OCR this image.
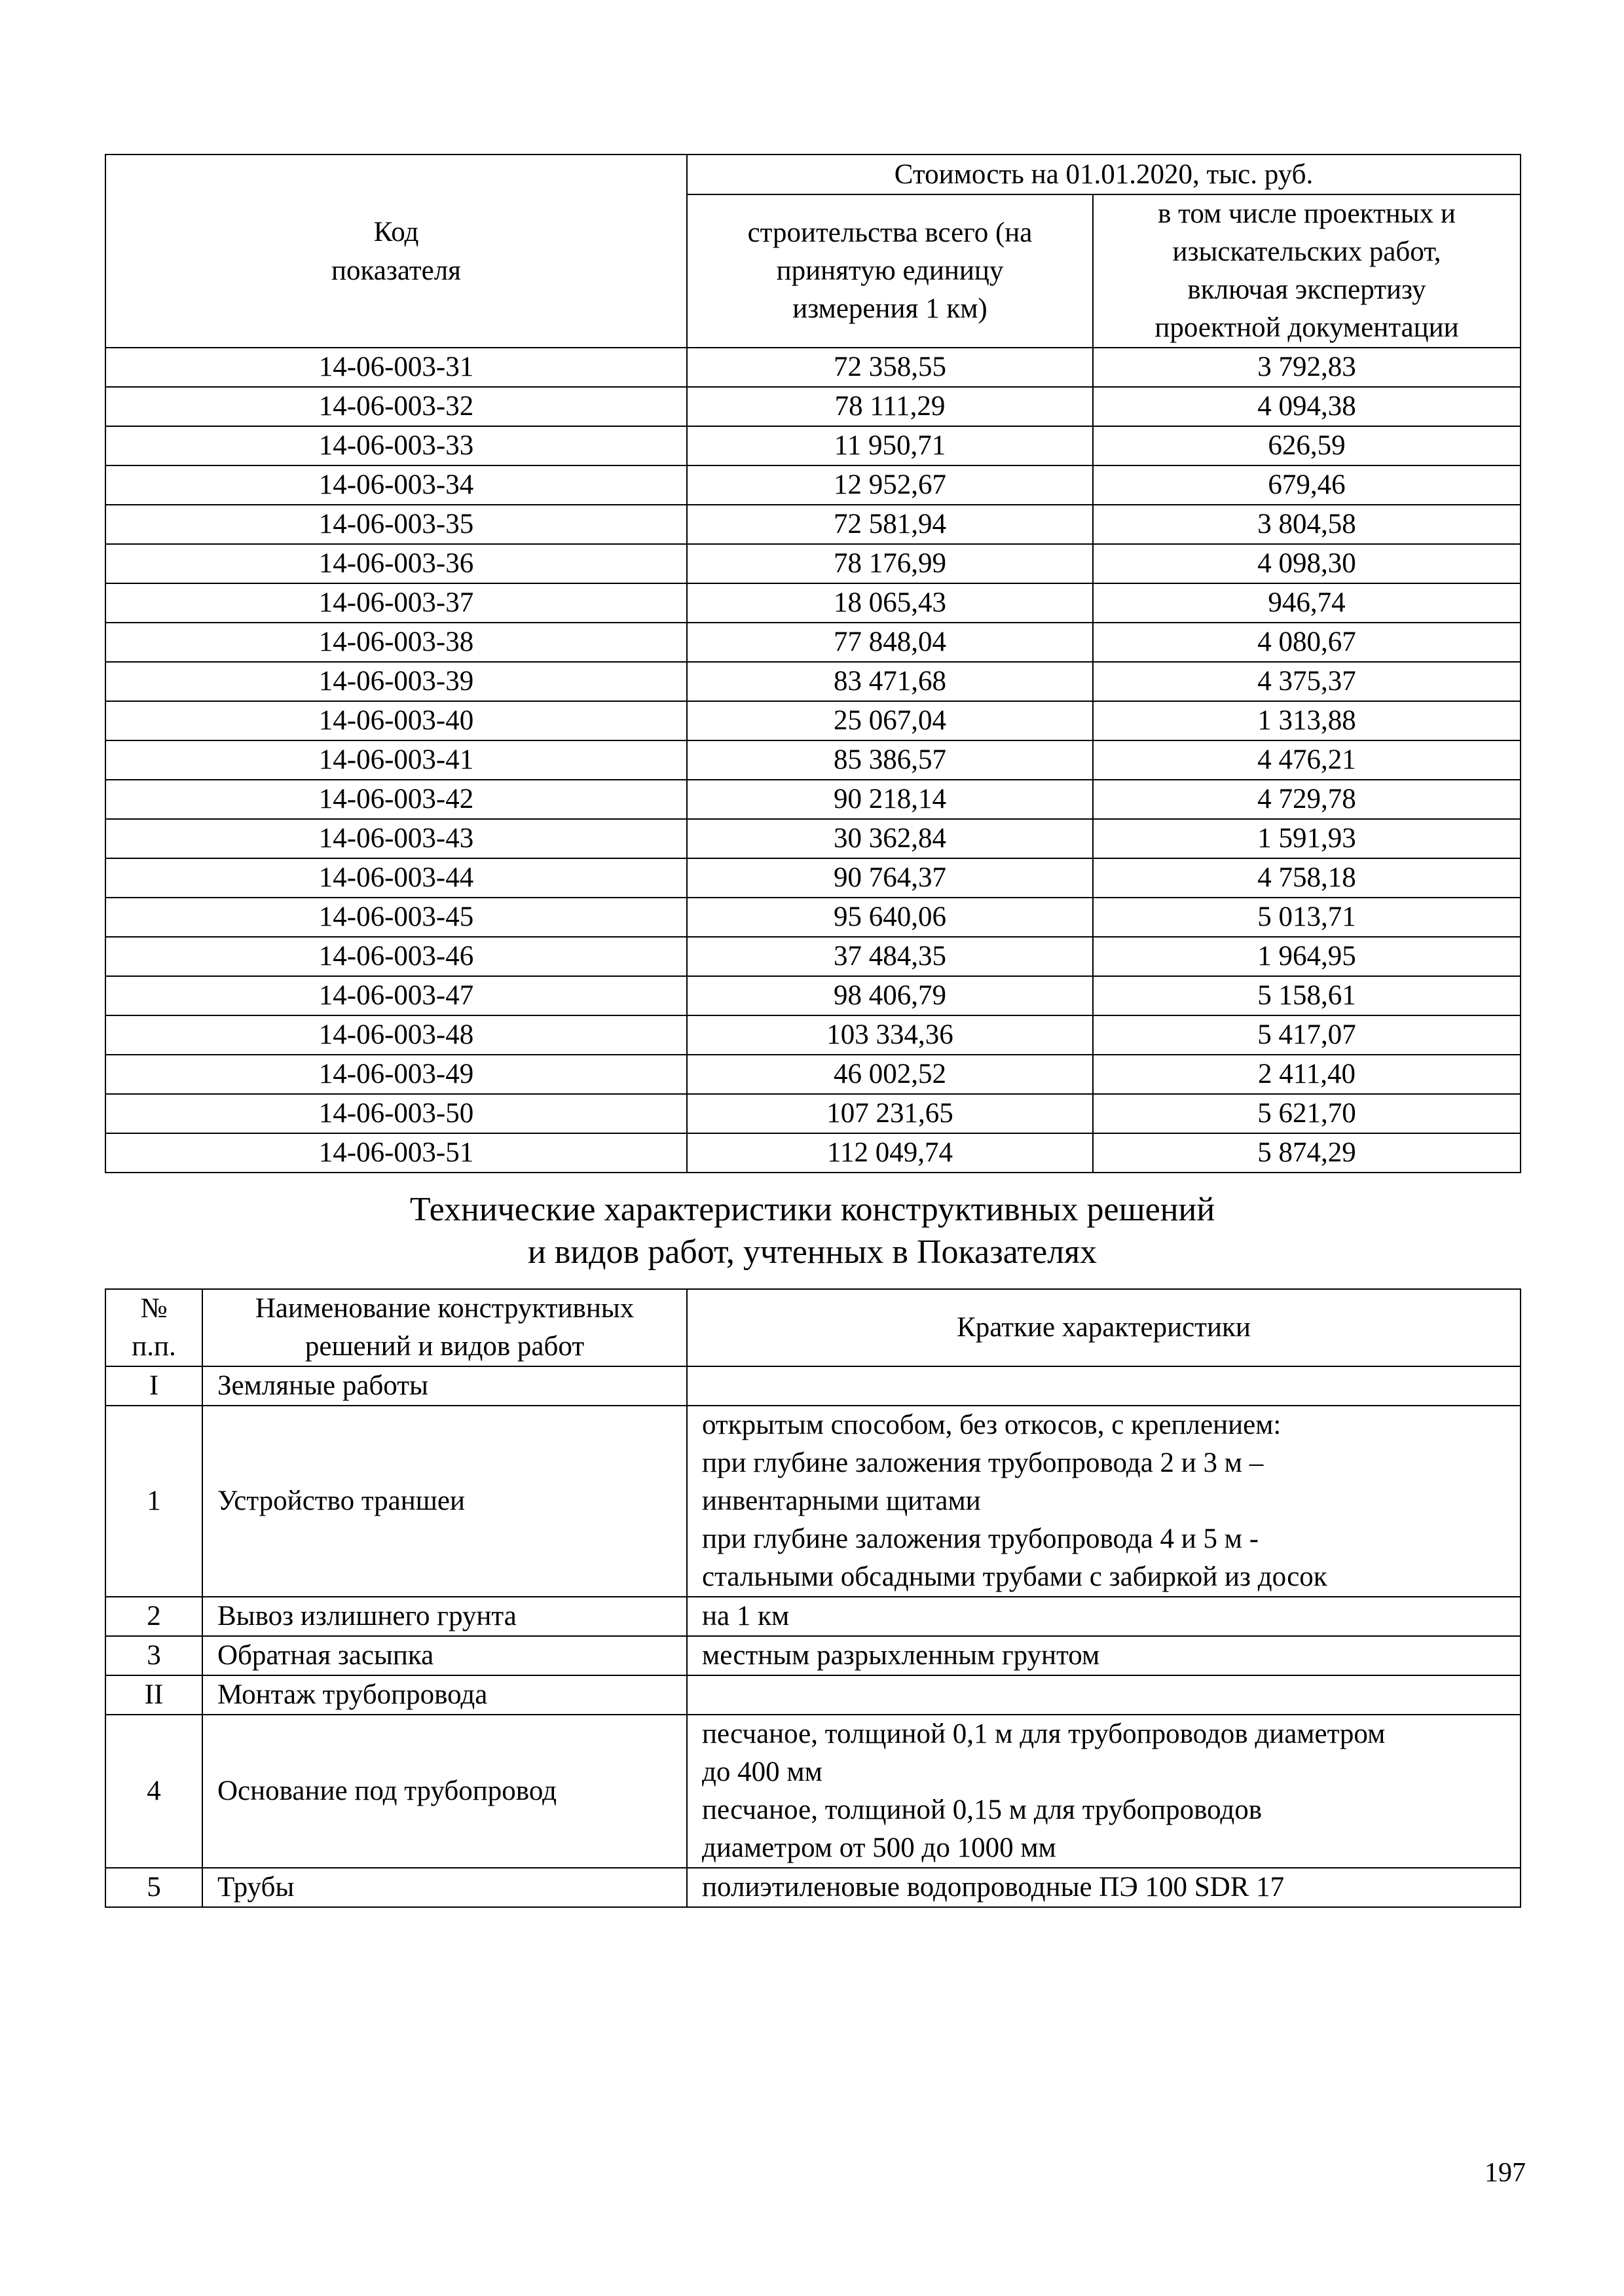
Код
показателя	Стоимость на 01.01.2020, тыс. руб.	

	строительства всего (на
принятую единицу
измерения 1 км)	в том числе проектных и
изыскательских работ,
включая экспертизу
проектной документации

14-06-003-31	72 358,55	3 792,83
14-06-003-32	78 111,29	4 094,38
14-06-003-33	11 950,71	626,59
14-06-003-34	12 952,67	679,46
14-06-003-35	72 581,94	3 804,58
14-06-003-36	78 176,99	4 098,30
14-06-003-37	18 065,43	946,74
14-06-003-38	77 848,04	4 080,67
14-06-003-39	83 471,68	4 375,37
14-06-003-40	25 067,04	1 313,88
14-06-003-41	85 386,57	4 476,21
14-06-003-42	90 218,14	4 729,78
14-06-003-43	30 362,84	1 591,93
14-06-003-44	90 764,37	4 758,18
14-06-003-45	95 640,06	5 013,71
14-06-003-46	37 484,35	1 964,95
14-06-003-47	98 406,79	5 158,61
14-06-003-48	103 334,36	5 417,07
14-06-003-49	46 002,52	2 411,40
14-06-003-50	107 231,65	5 621,70
14-06-003-51	112 049,74	5 874,29
Технические характеристики конструктивных решений
и видов работ, учтенных в Показателях
№
п.п.	Наименование конструктивных
решений и видов работ	Краткие характеристики
I	Земляные работы	
1	Устройство траншеи	открытым способом, без откосов, с креплением:
при глубине заложения трубопровода 2 и 3 м –
инвентарными щитами
при глубине заложения трубопровода 4 и 5 м -
стальными обсадными трубами с забиркой из досок

2	Вывоз излишнего грунта	на 1 км

3	Обратная засыпка	местным разрыхленным грунтом

II	Монтаж трубопровода	
4	Основание под трубопровод	песчаное, толщиной 0,1 м для трубопроводов диаметром
до 400 мм
песчаное, толщиной 0,15 м для трубопроводов
диаметром от 500 до 1000 мм

5	Трубы	полиэтиленовые водопроводные ПЭ 100 SDR 17
197
